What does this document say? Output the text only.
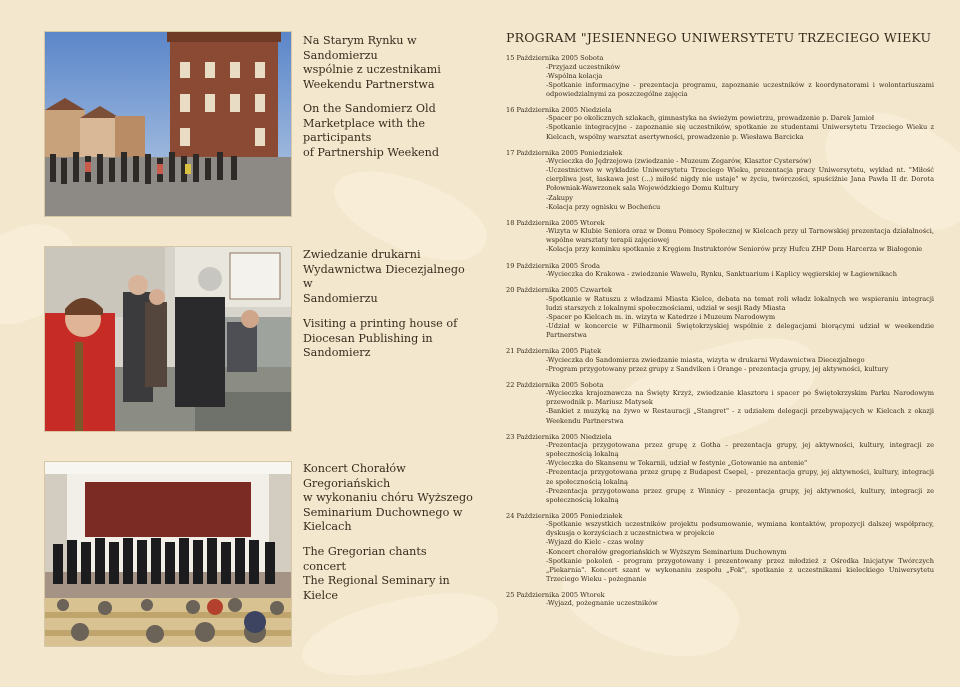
Na Starym Rynku w Sandomierzu
wspólnie z uczestnikami
Weekendu Partnerstwa
On the Sandomierz Old
Marketplace with the participants
of Partnership Weekend
Zwiedzanie drukarni
Wydawnictwa Diecezjalnego w
Sandomierzu
Visiting a printing house of
Diocesan Publishing in
Sandomierz
Koncert Chorałów Gregoriańskich
w wykonaniu chóru Wyższego
Seminarium Duchownego w
Kielcach
The Gregorian chants concert
The Regional Seminary in Kielce
PROGRAM "JESIENNEGO UNIWERSYTETU TRZECIEGO WIEKU
15 Października 2005 Sobota
-Przyjazd uczestników
-Wspólna kolacja
-Spotkanie informacyjne - prezentacja programu, zapoznanie uczestników z koordynatorami i wolontariuszami odpowiedzialnymi za poszczególne zajęcia
16 Października 2005 Niedziela
-Spacer po okolicznych szlakach, gimnastyka na świeżym powietrzu, prowadzenie p. Darek Jamioł
-Spotkanie integracyjne - zapoznanie się uczestników, spotkanie ze studentami Uniwersytetu Trzeciego Wieku z Kielcach, wspólny warsztat asertywności, prowadzenie p. Wiesława Barcicka
17 Października 2005 Poniedziałek
-Wycieczka do Jędrzejowa (zwiedzanie - Muzeum Zegarów, Klasztor Cystersów)
-Uczestnictwo w wykładzie Uniwersytetu Trzeciego Wieku, prezentacja pracy Uniwersytetu, wykład nt. "Miłość cierpliwa jest, łaskawa jest (...) miłość nigdy nie ustaje" w życiu, twórczości, spuściźnie Jana Pawła II dr. Dorota Połowniak-Wawrzonek sala Wojewódzkiego Domu Kultury
-Zakupy
-Kolacja przy ognisku w Bocheńcu
18 Października 2005 Wtorek
-Wizyta w Klubie Seniora oraz w Domu Pomocy Społecznej w Kielcach przy ul Tarnowskiej prezentacja działalności, wspólne warsztaty terapii zajęciowej
-Kolacja przy kominku spotkanie z Kręgiem Instruktorów Seniorów przy Hufcu ZHP Dom Harcerza w Białogonie
19 Października 2005 Środa
-Wycieczka do Krakowa - zwiedzanie Wawelu, Rynku, Sanktuarium i Kaplicy węgierskiej w Łagiewnikach
20 Października 2005 Czwartek
-Spotkanie w Ratuszu z władzami Miasta Kielce, debata na temat roli władz lokalnych we wspieraniu integracji ludzi starszych z lokalnymi społecznościami, udział w sesji Rady Miasta
-Spacer po Kielcach m. in. wizyta w Katedrze i Muzeum Narodowym
-Udział w koncercie w Filharmonii Świętokrzyskiej wspólnie z delegacjami biorącymi udział w weekendzie Partnerstwa
21 Października 2005 Piątek
-Wycieczka do Sandomierza zwiedzanie miasta, wizyta w drukarni Wydawnictwa Diecezjalnego
-Program przygotowany przez grupy z Sandviken i Orange - prezentacja grupy, jej aktywności, kultury
22 Października 2005 Sobota
-Wycieczka krajoznawcza na Święty Krzyż, zwiedzanie klasztoru i spacer po Świętokrzyskim Parku Narodowym przewodnik p. Mariusz Matysek
-Bankiet z muzyką na żywo w Restauracji „Stangret" - z udziałem delegacji przebywających w Kielcach z okazji Weekendu Partnerstwa
23 Października 2005 Niedziela
-Prezentacja przygotowana przez grupę z Gotha - prezentacja grupy, jej aktywności, kultury, integracji ze społecznością lokalną
-Wycieczka do Skansenu w Tokarnii, udział w festynie „Gotowanie na antenie"
-Prezentacja przygotowana przez grupę z Budapest Csepel, - prezentacja grupy, jej aktywności, kultury, integracji ze społecznością lokalną
-Prezentacja przygotowana przez grupę z Winnicy - prezentacja grupy, jej aktywności, kultury, integracji ze społecznością lokalną
24 Października 2005 Poniedziałek
-Spotkanie wszystkich uczestników projektu podsumowanie, wymiana kontaktów, propozycji dalszej współpracy, dyskusja o korzyściach z uczestnictwa w projekcie
-Wyjazd do Kielc - czas wolny
-Koncert chorałów gregoriańskich w Wyższym Seminarium Duchownym
-Spotkanie pokoleń - program przygotowany i prezentowany przez młodzież z Ośrodka Inicjatyw Twórczych „Piekarnia". Koncert szant w wykonaniu zespołu „Fok", spotkanie z uczestnikami kieleckiego Uniwersytetu Trzeciego Wieku - pożegnanie
25 Października 2005 Wtorek
-Wyjazd, pożegnanie uczestników
